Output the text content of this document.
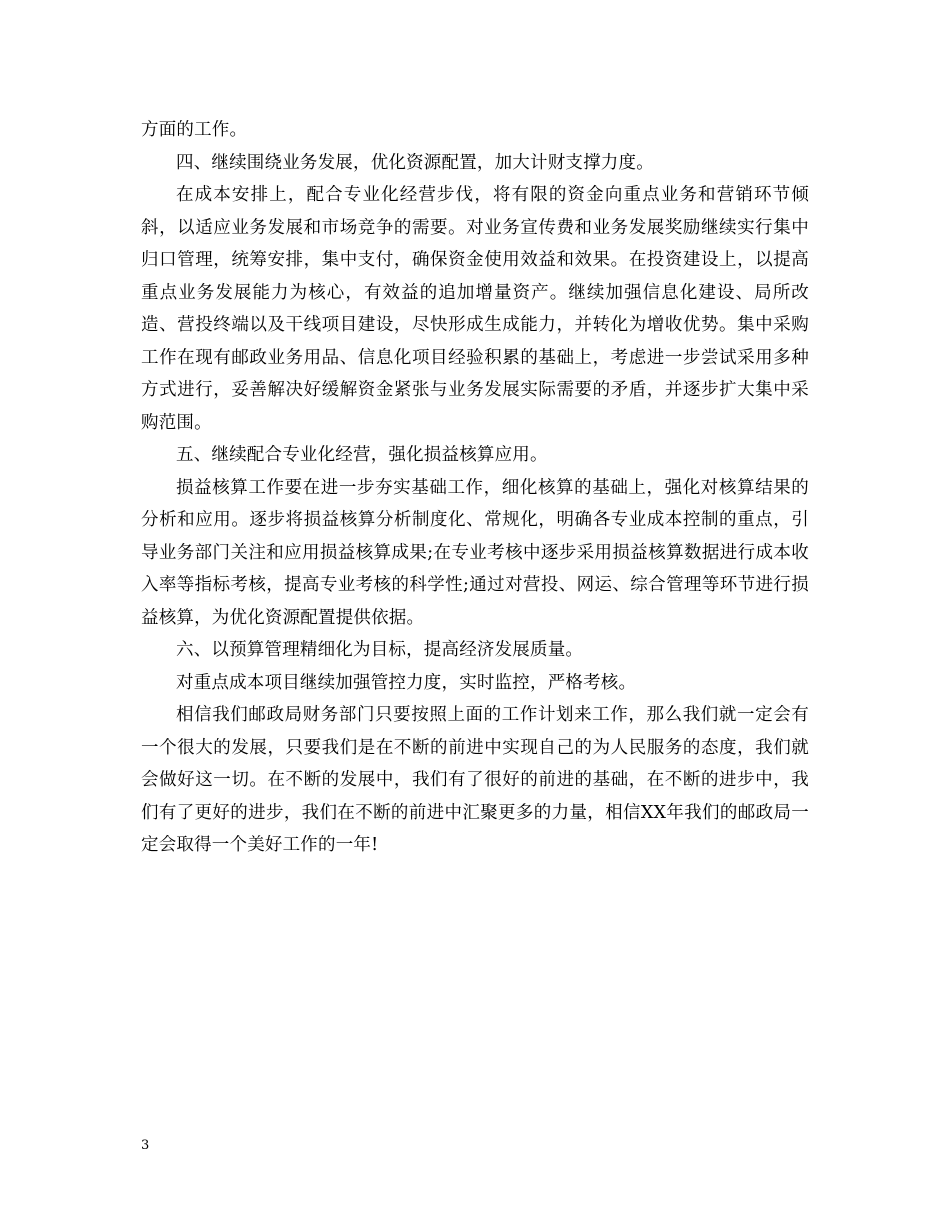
方面的工作。

四、继续围绕业务发展，优化资源配置，加大计财支撑力度。

在成本安排上，配合专业化经营步伐，将有限的资金向重点业务和营销环节倾斜，以适应业务发展和市场竞争的需要。对业务宣传费和业务发展奖励继续实行集中归口管理，统筹安排，集中支付，确保资金使用效益和效果。在投资建设上，以提高重点业务发展能力为核心，有效益的追加增量资产。继续加强信息化建设、局所改造、营投终端以及干线项目建设，尽快形成生成能力，并转化为增收优势。集中采购工作在现有邮政业务用品、信息化项目经验积累的基础上，考虑进一步尝试采用多种方式进行，妥善解决好缓解资金紧张与业务发展实际需要的矛盾，并逐步扩大集中采购范围。

五、继续配合专业化经营，强化损益核算应用。

损益核算工作要在进一步夯实基础工作，细化核算的基础上，强化对核算结果的分析和应用。逐步将损益核算分析制度化、常规化，明确各专业成本控制的重点，引导业务部门关注和应用损益核算成果;在专业考核中逐步采用损益核算数据进行成本收入率等指标考核，提高专业考核的科学性;通过对营投、网运、综合管理等环节进行损益核算，为优化资源配置提供依据。

六、以预算管理精细化为目标，提高经济发展质量。

对重点成本项目继续加强管控力度，实时监控，严格考核。

相信我们邮政局财务部门只要按照上面的工作计划来工作，那么我们就一定会有一个很大的发展，只要我们是在不断的前进中实现自己的为人民服务的态度，我们就会做好这一切。在不断的发展中，我们有了很好的前进的基础，在不断的进步中，我们有了更好的进步，我们在不断的前进中汇聚更多的力量，相信XX年我们的邮政局一定会取得一个美好工作的一年!

3
